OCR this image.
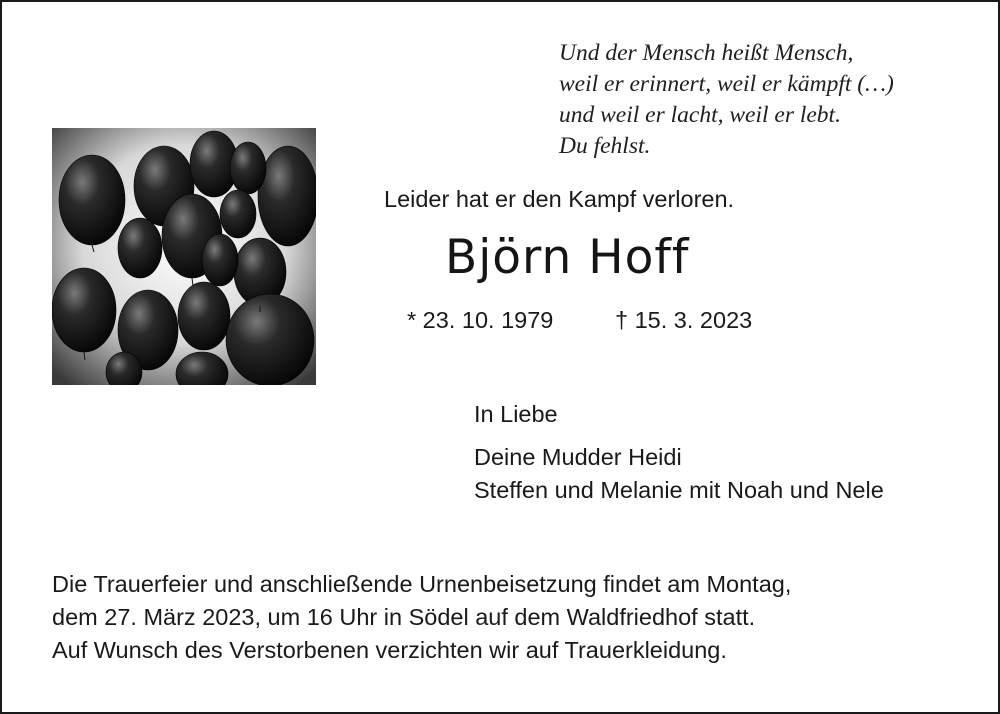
Und der Mensch heißt Mensch,
weil er erinnert, weil er kämpft (…)
und weil er lacht, weil er lebt.
Du fehlst.
Leider hat er den Kampf verloren.
Björn Hoff
* 23. 10. 1979	† 15. 3. 2023
In Liebe
Deine Mudder Heidi
Steffen und Melanie mit Noah und Nele
Die Trauerfeier und anschließende Urnenbeisetzung findet am Montag,
dem 27. März 2023, um 16 Uhr in Södel auf dem Waldfriedhof statt.
Auf Wunsch des Verstorbenen verzichten wir auf Trauerkleidung.
